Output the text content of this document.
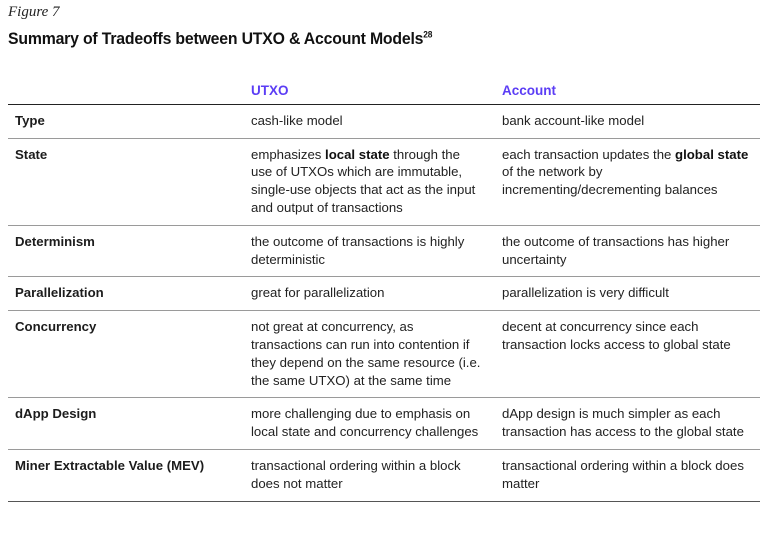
Figure 7
Summary of Tradeoffs between UTXO & Account Models$^{28}$
	UTXO	Account
Type	cash-like model	bank account-like model
State	emphasizes local state through the use of UTXOs which are immutable, single-use objects that act as the input and output of transactions	each transaction updates the global state of the network by incrementing/decrementing balances
Determinism	the outcome of transactions is highly deterministic	the outcome of transactions has higher uncertainty
Parallelization	great for parallelization	parallelization is very difficult
Concurrency	not great at concurrency, as transactions can run into contention if they depend on the same resource (i.e. the same UTXO) at the same time	decent at concurrency since each transaction locks access to global state
dApp Design	more challenging due to emphasis on local state and concurrency challenges	dApp design is much simpler as each transaction has access to the global state
Miner Extractable Value (MEV)	transactional ordering within a block does not matter	transactional ordering within a block does matter
